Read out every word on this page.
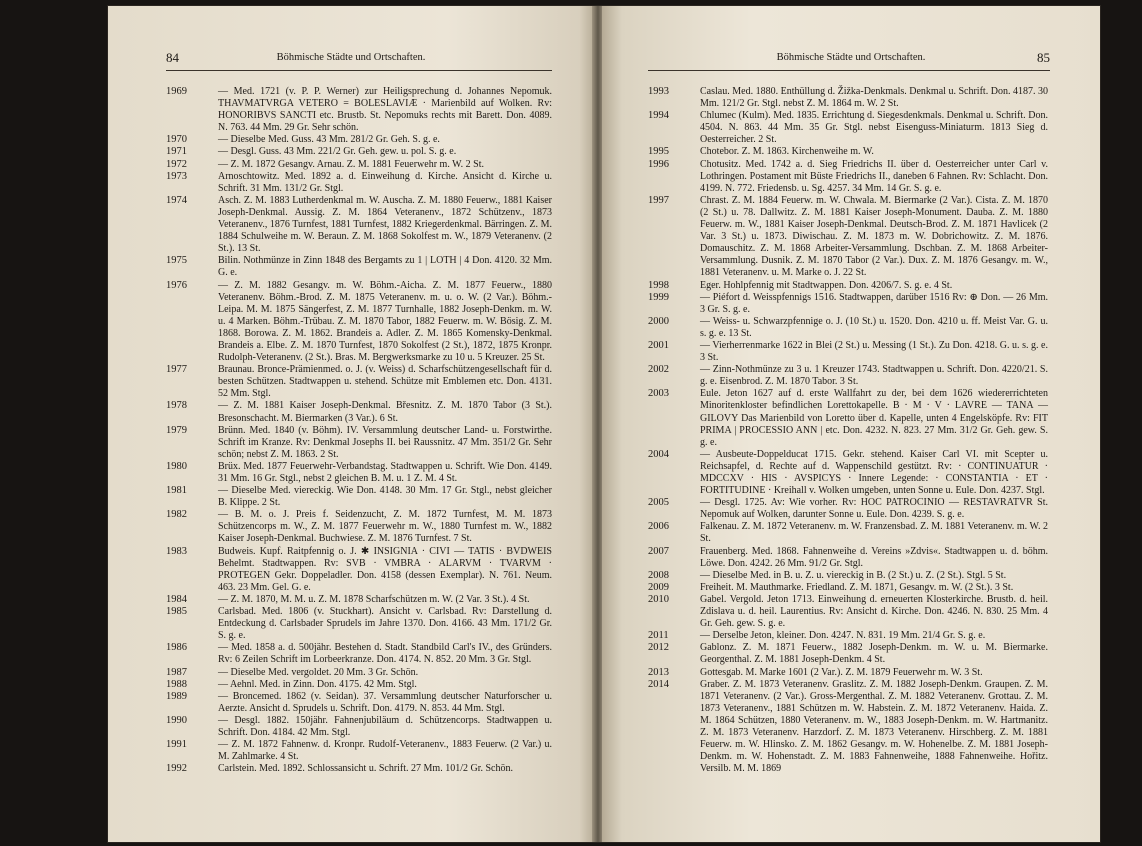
84	Böhmische Städte und Ortschaften.
1969	— Med. 1721 (v. P. P. Werner) zur Heiligsprechung d. Johannes Nepomuk. THAVMATVRGA VETERO = BOLESLAVIÆ · Marienbild auf Wolken. Rv: HONORIBVS SANCTI etc. Brustb. St. Nepomuks rechts mit Barett. Don. 4089. N. 763. 44 Mm. 29 Gr. Sehr schön.
1970	— Dieselbe Med. Guss. 43 Mm. 281/2 Gr. Geh. S. g. e.
1971	— Desgl. Guss. 43 Mm. 221/2 Gr. Geh. gew. u. pol. S. g. e.
1972	— Z. M. 1872 Gesangv. Arnau. Z. M. 1881 Feuerwehr m. W. 2 St.
1973	Arnoschtowitz. Med. 1892 a. d. Einweihung d. Kirche. Ansicht d. Kirche u. Schrift. 31 Mm. 131/2 Gr. Stgl.
1974	Asch. Z. M. 1883 Lutherdenkmal m. W. Auscha. Z. M. 1880 Feuerw., 1881 Kaiser Joseph-Denkmal. Aussig. Z. M. 1864 Veteranenv., 1872 Schützenv., 1873 Veteranenv., 1876 Turnfest, 1881 Turnfest, 1882 Kriegerdenkmal. Bärringen. Z. M. 1884 Schulweihe m. W. Beraun. Z. M. 1868 Sokolfest m. W., 1879 Veteranenv. (2 St.). 13 St.
1975	Bilin. Nothmünze in Zinn 1848 des Bergamts zu 1 | LOTH | 4 Don. 4120. 32 Mm. G. e.
1976	— Z. M. 1882 Gesangv. m. W. Böhm.-Aicha. Z. M. 1877 Feuerw., 1880 Veteranenv. Böhm.-Brod. Z. M. 1875 Veteranenv. m. u. o. W. (2 Var.). Böhm.-Leipa. M. M. 1875 Sängerfest, Z. M. 1877 Turnhalle, 1882 Joseph-Denkm. m. W. u. 4 Marken. Böhm.-Trübau. Z. M. 1870 Tabor, 1882 Feuerw. m. W. Bösig. Z. M. 1868. Borowa. Z. M. 1862. Brandeis a. Adler. Z. M. 1865 Komensky-Denkmal. Brandeis a. Elbe. Z. M. 1870 Turnfest, 1870 Sokolfest (2 St.), 1872, 1875 Kronpr. Rudolph-Veteranenv. (2 St.). Bras. M. Bergwerksmarke zu 10 u. 5 Kreuzer. 25 St.
1977	Braunau. Bronce-Prämienmed. o. J. (v. Weiss) d. Scharfschützengesellschaft für d. besten Schützen. Stadtwappen u. stehend. Schütze mit Emblemen etc. Don. 4131. 52 Mm. Stgl.
1978	— Z. M. 1881 Kaiser Joseph-Denkmal. Břesnitz. Z. M. 1870 Tabor (3 St.). Bresonschacht. M. Biermarken (3 Var.). 6 St.
1979	Brünn. Med. 1840 (v. Böhm). IV. Versammlung deutscher Land- u. Forstwirthe. Schrift im Kranze. Rv: Denkmal Josephs II. bei Raussnitz. 47 Mm. 351/2 Gr. Sehr schön; nebst Z. M. 1863. 2 St.
1980	Brüx. Med. 1877 Feuerwehr-Verbandstag. Stadtwappen u. Schrift. Wie Don. 4149. 31 Mm. 16 Gr. Stgl., nebst 2 gleichen B. M. u. 1 Z. M. 4 St.
1981	— Dieselbe Med. viereckig. Wie Don. 4148. 30 Mm. 17 Gr. Stgl., nebst gleicher B. Klippe. 2 St.
1982	— B. M. o. J. Preis f. Seidenzucht, Z. M. 1872 Turnfest, M. M. 1873 Schützencorps m. W., Z. M. 1877 Feuerwehr m. W., 1880 Turnfest m. W., 1882 Kaiser Joseph-Denkmal. Buchwiese. Z. M. 1876 Turnfest. 7 St.
1983	Budweis. Kupf. Raitpfennig o. J. ✱ INSIGNIA · CIVI — TATIS · BVDWEIS Behelmt. Stadtwappen. Rv: SVB · VMBRA · ALARVM · TVARVM · PROTEGEN Gekr. Doppeladler. Don. 4158 (dessen Exemplar). N. 761. Neum. 463. 23 Mm. Gel. G. e.
1984	— Z. M. 1870, M. M. u. Z. M. 1878 Scharfschützen m. W. (2 Var. 3 St.). 4 St.
1985	Carlsbad. Med. 1806 (v. Stuckhart). Ansicht v. Carlsbad. Rv: Darstellung d. Entdeckung d. Carlsbader Sprudels im Jahre 1370. Don. 4166. 43 Mm. 171/2 Gr. S. g. e.
1986	— Med. 1858 a. d. 500jähr. Bestehen d. Stadt. Standbild Carl's IV., des Gründers. Rv: 6 Zeilen Schrift im Lorbeerkranze. Don. 4174. N. 852. 20 Mm. 3 Gr. Stgl.
1987	— Dieselbe Med. vergoldet. 20 Mm. 3 Gr. Schön.
1988	— Aehnl. Med. in Zinn. Don. 4175. 42 Mm. Stgl.
1989	— Broncemed. 1862 (v. Seidan). 37. Versammlung deutscher Naturforscher u. Aerzte. Ansicht d. Sprudels u. Schrift. Don. 4179. N. 853. 44 Mm. Stgl.
1990	— Desgl. 1882. 150jähr. Fahnenjubiläum d. Schützencorps. Stadtwappen u. Schrift. Don. 4184. 42 Mm. Stgl.
1991	— Z. M. 1872 Fahnenw. d. Kronpr. Rudolf-Veteranenv., 1883 Feuerw. (2 Var.) u. M. Zahlmarke. 4 St.
1992	Carlstein. Med. 1892. Schlossansicht u. Schrift. 27 Mm. 101/2 Gr. Schön.
Böhmische Städte und Ortschaften.	85
1993	Caslau. Med. 1880. Enthüllung d. Žižka-Denkmals. Denkmal u. Schrift. Don. 4187. 30 Mm. 121/2 Gr. Stgl. nebst Z. M. 1864 m. W. 2 St.
1994	Chlumec (Kulm). Med. 1835. Errichtung d. Siegesdenkmals. Denkmal u. Schrift. Don. 4504. N. 863. 44 Mm. 35 Gr. Stgl. nebst Eisenguss-Miniaturm. 1813 Sieg d. Oesterreicher. 2 St.
1995	Chotebor. Z. M. 1863. Kirchenweihe m. W.
1996	Chotusitz. Med. 1742 a. d. Sieg Friedrichs II. über d. Oesterreicher unter Carl v. Lothringen. Postament mit Büste Friedrichs II., daneben 6 Fahnen. Rv: Schlacht. Don. 4199. N. 772. Friedensb. u. Sg. 4257. 34 Mm. 14 Gr. S. g. e.
1997	Chrast. Z. M. 1884 Feuerw. m. W. Chwala. M. Biermarke (2 Var.). Cista. Z. M. 1870 (2 St.) u. 78. Dallwitz. Z. M. 1881 Kaiser Joseph-Monument. Dauba. Z. M. 1880 Feuerw. m. W., 1881 Kaiser Joseph-Denkmal. Deutsch-Brod. Z. M. 1871 Havlicek (2 Var. 3 St.) u. 1873. Diwischau. Z. M. 1873 m. W. Dobrichowitz. Z. M. 1876. Domauschitz. Z. M. 1868 Arbeiter-Versammlung. Dschban. Z. M. 1868 Arbeiter-Versammlung. Dusnik. Z. M. 1870 Tabor (2 Var.). Dux. Z. M. 1876 Gesangv. m. W., 1881 Veteranenv. u. M. Marke o. J. 22 St.
1998	Eger. Hohlpfennig mit Stadtwappen. Don. 4206/7. S. g. e. 4 St.
1999	— Piéfort d. Weisspfennigs 1516. Stadtwappen, darüber 1516 Rv: ⊕ Don. — 26 Mm. 3 Gr. S. g. e.
2000	— Weiss- u. Schwarzpfennige o. J. (10 St.) u. 1520. Don. 4210 u. ff. Meist Var. G. u. s. g. e. 13 St.
2001	— Vierherrenmarke 1622 in Blei (2 St.) u. Messing (1 St.). Zu Don. 4218. G. u. s. g. e. 3 St.
2002	— Zinn-Nothmünze zu 3 u. 1 Kreuzer 1743. Stadtwappen u. Schrift. Don. 4220/21. S. g. e. Eisenbrod. Z. M. 1870 Tabor. 3 St.
2003	Eule. Jeton 1627 auf d. erste Wallfahrt zu der, bei dem 1626 wiedererrichteten Minoritenkloster befindlichen Lorettokapelle. B · M · V · LAVRE — TANA — GILOVY Das Marienbild von Loretto über d. Kapelle, unten 4 Engelsköpfe. Rv: FIT PRIMA | PROCESSIO ANN | etc. Don. 4232. N. 823. 27 Mm. 31/2 Gr. Geh. gew. S. g. e.
2004	— Ausbeute-Doppelducat 1715. Gekr. stehend. Kaiser Carl VI. mit Scepter u. Reichsapfel, d. Rechte auf d. Wappenschild gestützt. Rv: · CONTINUATUR · MDCCXV · HIS · AVSPICYS · Innere Legende: · CONSTANTIA · ET · FORTITUDINE · Kreihall v. Wolken umgeben, unten Sonne u. Eule. Don. 4237. Stgl.
2005	— Desgl. 1725. Av: Wie vorher. Rv: HOC PATROCINIO — RESTAVRATVR St. Nepomuk auf Wolken, darunter Sonne u. Eule. Don. 4239. S. g. e.
2006	Falkenau. Z. M. 1872 Veteranenv. m. W. Franzensbad. Z. M. 1881 Veteranenv. m. W. 2 St.
2007	Frauenberg. Med. 1868. Fahnenweihe d. Vereins »Zdvis«. Stadtwappen u. d. böhm. Löwe. Don. 4242. 26 Mm. 91/2 Gr. Stgl.
2008	— Dieselbe Med. in B. u. Z. u. viereckig in B. (2 St.) u. Z. (2 St.). Stgl. 5 St.
2009	Freiheit. M. Mauthmarke. Friedland. Z. M. 1871, Gesangv. m. W. (2 St.). 3 St.
2010	Gabel. Vergold. Jeton 1713. Einweihung d. erneuerten Klosterkirche. Brustb. d. heil. Zdislava u. d. heil. Laurentius. Rv: Ansicht d. Kirche. Don. 4246. N. 830. 25 Mm. 4 Gr. Geh. gew. S. g. e.
2011	— Derselbe Jeton, kleiner. Don. 4247. N. 831. 19 Mm. 21/4 Gr. S. g. e.
2012	Gablonz. Z. M. 1871 Feuerw., 1882 Joseph-Denkm. m. W. u. M. Biermarke. Georgenthal. Z. M. 1881 Joseph-Denkm. 4 St.
2013	Gottesgab. M. Marke 1601 (2 Var.). Z. M. 1879 Feuerwehr m. W. 3 St.
2014	Graber. Z. M. 1873 Veteranenv. Graslitz. Z. M. 1882 Joseph-Denkm. Graupen. Z. M. 1871 Veteranenv. (2 Var.). Gross-Mergenthal. Z. M. 1882 Veteranenv. Grottau. Z. M. 1873 Veteranenv., 1881 Schützen m. W. Habstein. Z. M. 1872 Veteranenv. Haida. Z. M. 1864 Schützen, 1880 Veteranenv. m. W., 1883 Joseph-Denkm. m. W. Hartmanitz. Z. M. 1873 Veteranenv. Harzdorf. Z. M. 1873 Veteranenv. Hirschberg. Z. M. 1881 Feuerw. m. W. Hlinsko. Z. M. 1862 Gesangv. m. W. Hohenelbe. Z. M. 1881 Joseph-Denkm. m. W. Hohenstadt. Z. M. 1883 Fahnenweihe, 1888 Fahnenweihe. Hořitz. Versilb. M. M. 1869
